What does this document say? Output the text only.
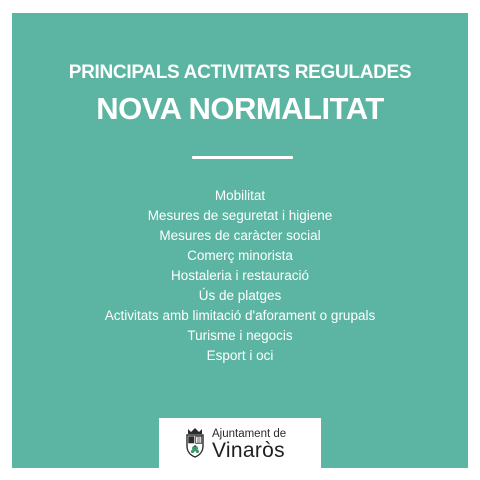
PRINCIPALS ACTIVITATS REGULADES
NOVA NORMALITAT
Mobilitat
Mesures de seguretat i higiene
Mesures de caràcter social
Comerç minorista
Hostaleria i restauració
Ús de platges
Activitats amb limitació d'aforament o grupals
Turisme i negocis
Esport i oci
Ajuntament de
Vinaròs
